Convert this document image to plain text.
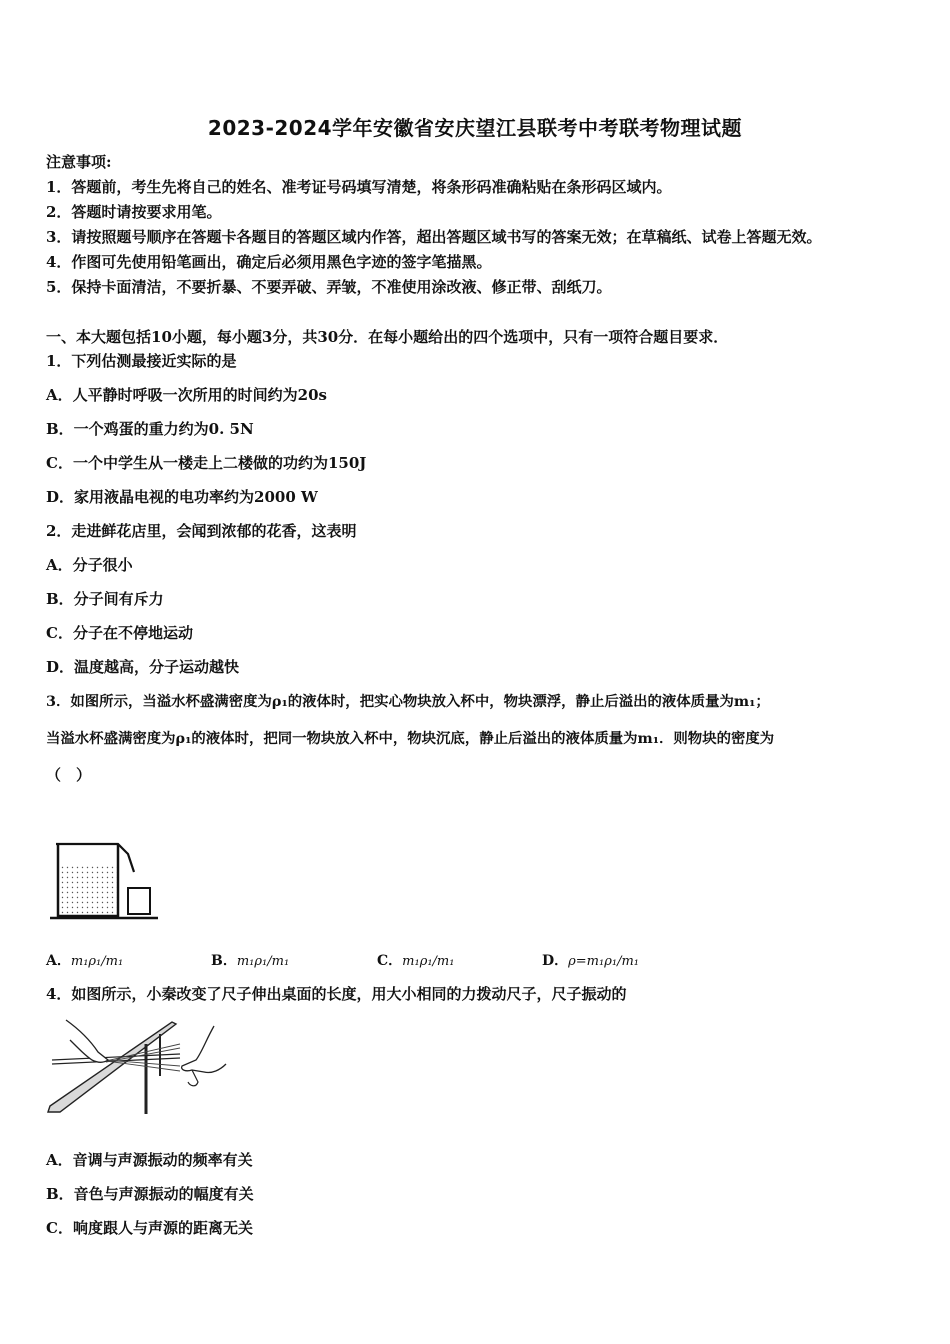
2023-2024学年安徽省安庆望江县联考中考联考物理试题
注意事项:
1．答题前，考生先将自己的姓名、准考证号码填写清楚，将条形码准确粘贴在条形码区域内。
2．答题时请按要求用笔。
3．请按照题号顺序在答题卡各题目的答题区域内作答，超出答题区域书写的答案无效；在草稿纸、试卷上答题无效。
4．作图可先使用铅笔画出，确定后必须用黑色字迹的签字笔描黑。
5．保持卡面清洁，不要折暴、不要弄破、弄皱，不准使用涂改液、修正带、刮纸刀。
一、本大题包括10小题，每小题3分，共30分．在每小题给出的四个选项中，只有一项符合题目要求．
1．下列估测最接近实际的是
A．人平静时呼吸一次所用的时间约为20s
B．一个鸡蛋的重力约为0. 5N
C．一个中学生从一楼走上二楼做的功约为150J
D．家用液晶电视的电功率约为2000 W
2．走进鲜花店里，会闻到浓郁的花香，这表明
A．分子很小
B．分子间有斥力
C．分子在不停地运动
D．温度越高，分子运动越快
3．如图所示，当溢水杯盛满密度为ρ₁的液体时，把实心物块放入杯中，物块漂浮，静止后溢出的液体质量为m₁；
当溢水杯盛满密度为ρ₁的液体时，把同一物块放入杯中，物块沉底，静止后溢出的液体质量为m₁．则物块的密度为
（　）
A．m₁ρ₁/m₁	B．m₁ρ₁/m₁	C．m₁ρ₁/m₁	D．ρ=m₁ρ₁/m₁
4．如图所示，小秦改变了尺子伸出桌面的长度，用大小相同的力拨动尺子，尺子振动的
A．音调与声源振动的频率有关
B．音色与声源振动的幅度有关
C．响度跟人与声源的距离无关
